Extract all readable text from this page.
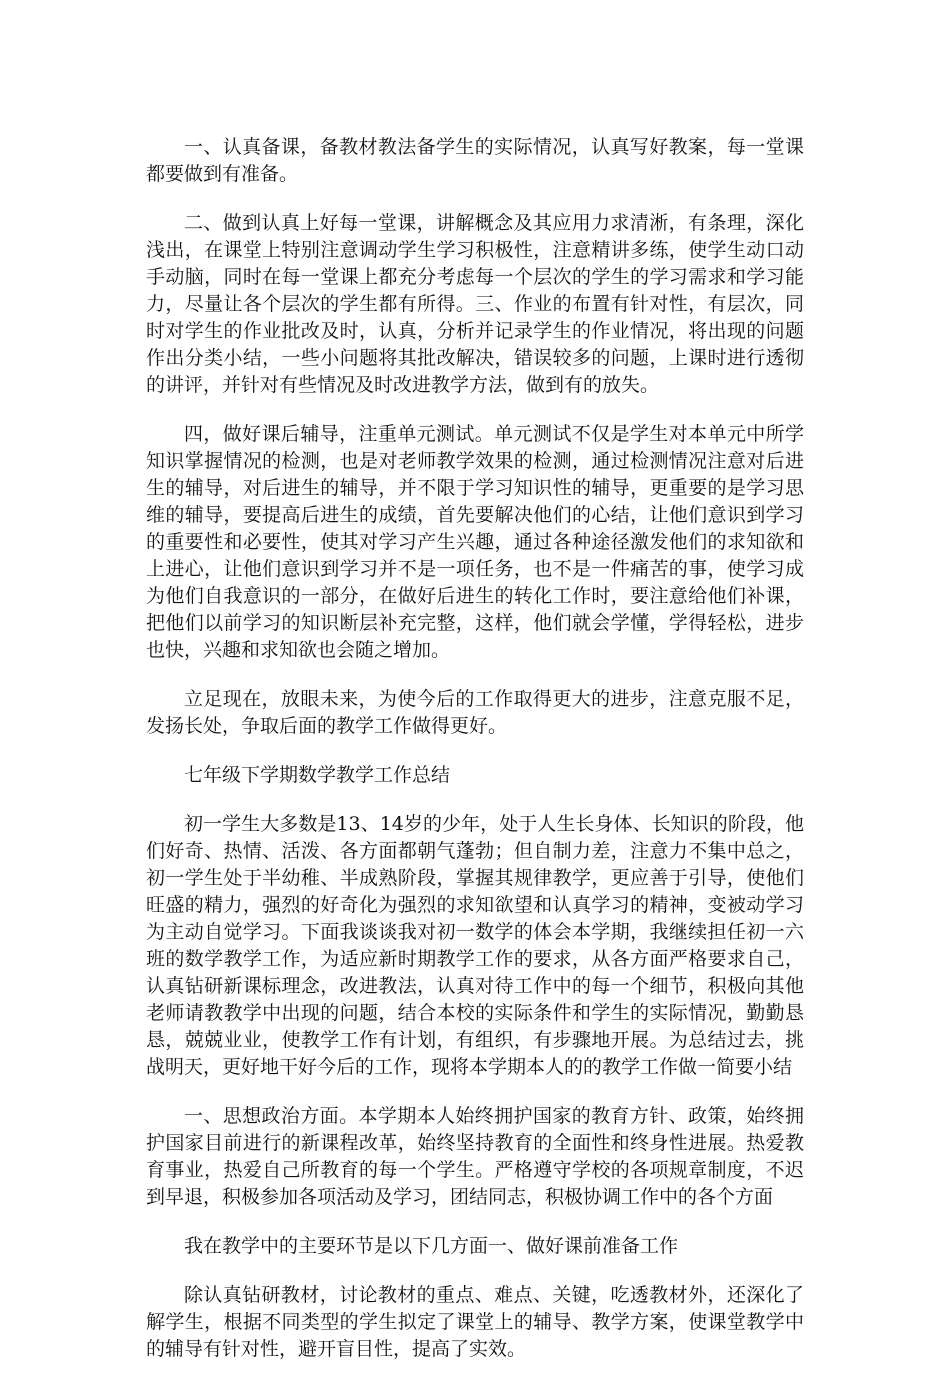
一、认真备课，备教材教法备学生的实际情况，认真写好教案，每一堂课都要做到有准备。

二、做到认真上好每一堂课，讲解概念及其应用力求清淅，有条理，深化浅出，在课堂上特别注意调动学生学习积极性，注意精讲多练，使学生动口动手动脑，同时在每一堂课上都充分考虑每一个层次的学生的学习需求和学习能力，尽量让各个层次的学生都有所得。三、作业的布置有针对性，有层次，同时对学生的作业批改及时，认真，分析并记录学生的作业情况，将出现的问题作出分类小结，一些小问题将其批改解决，错误较多的问题，上课时进行透彻的讲评，并针对有些情况及时改进教学方法，做到有的放失。

四，做好课后辅导，注重单元测试。单元测试不仅是学生对本单元中所学知识掌握情况的检测，也是对老师教学效果的检测，通过检测情况注意对后进生的辅导，对后进生的辅导，并不限于学习知识性的辅导，更重要的是学习思维的辅导，要提高后进生的成绩，首先要解决他们的心结，让他们意识到学习的重要性和必要性，使其对学习产生兴趣，通过各种途径激发他们的求知欲和上进心，让他们意识到学习并不是一项任务，也不是一件痛苦的事，使学习成为他们自我意识的一部分，在做好后进生的转化工作时，要注意给他们补课，把他们以前学习的知识断层补充完整，这样，他们就会学懂，学得轻松，进步也快，兴趣和求知欲也会随之增加。

立足现在，放眼未来，为使今后的工作取得更大的进步，注意克服不足，发扬长处，争取后面的教学工作做得更好。

七年级下学期数学教学工作总结

初一学生大多数是13、14岁的少年，处于人生长身体、长知识的阶段，他们好奇、热情、活泼、各方面都朝气蓬勃；但自制力差，注意力不集中总之，初一学生处于半幼稚、半成熟阶段，掌握其规律教学，更应善于引导，使他们旺盛的精力，强烈的好奇化为强烈的求知欲望和认真学习的精神，变被动学习为主动自觉学习。下面我谈谈我对初一数学的体会本学期，我继续担任初一六班的数学教学工作，为适应新时期教学工作的要求，从各方面严格要求自己，认真钻研新课标理念，改进教法，认真对待工作中的每一个细节，积极向其他老师请教教学中出现的问题，结合本校的实际条件和学生的实际情况，勤勤恳恳，兢兢业业，使教学工作有计划，有组织，有步骤地开展。为总结过去，挑战明天，更好地干好今后的工作，现将本学期本人的的教学工作做一简要小结

一、思想政治方面。本学期本人始终拥护国家的教育方针、政策，始终拥护国家目前进行的新课程改革，始终坚持教育的全面性和终身性进展。热爱教育事业，热爱自己所教育的每一个学生。严格遵守学校的各项规章制度，不迟到早退，积极参加各项活动及学习，团结同志，积极协调工作中的各个方面

我在教学中的主要环节是以下几方面一、做好课前准备工作

除认真钻研教材，讨论教材的重点、难点、关键，吃透教材外，还深化了解学生，根据不同类型的学生拟定了课堂上的辅导、教学方案，使课堂教学中的辅导有针对性，避开盲目性，提高了实效。
